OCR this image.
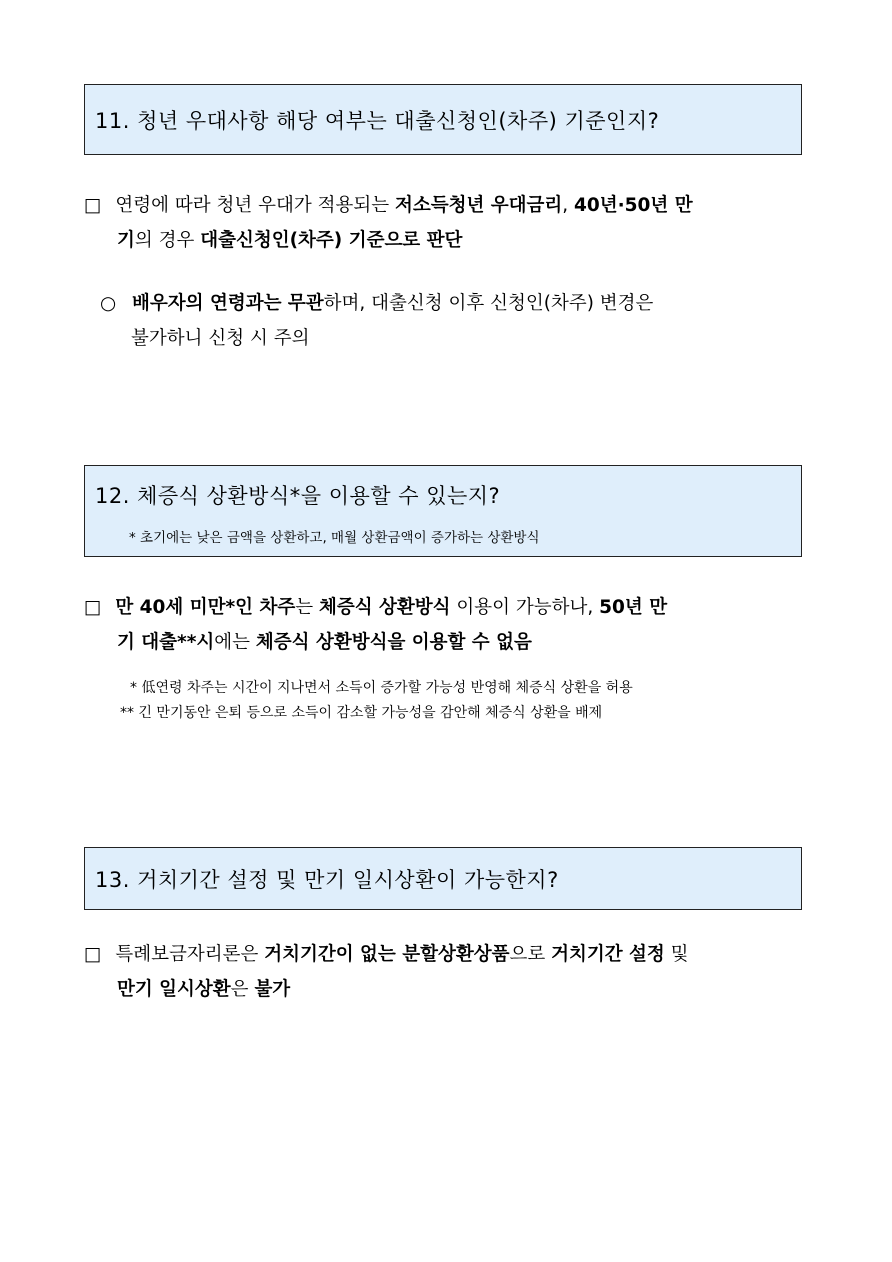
11. 청년 우대사항 해당 여부는 대출신청인(차주) 기준인지?
□ 연령에 따라 청년 우대가 적용되는 저소득청년 우대금리, 40년·50년 만
기의 경우 대출신청인(차주) 기준으로 판단
○ 배우자의 연령과는 무관하며, 대출신청 이후 신청인(차주) 변경은
불가하니 신청 시 주의
12. 체증식 상환방식*을 이용할 수 있는지?
* 초기에는 낮은 금액을 상환하고, 매월 상환금액이 증가하는 상환방식
□ 만 40세 미만*인 차주는 체증식 상환방식 이용이 가능하나, 50년 만
기 대출**시에는 체증식 상환방식을 이용할 수 없음
* 低연령 차주는 시간이 지나면서 소득이 증가할 가능성 반영해 체증식 상환을 허용
** 긴 만기동안 은퇴 등으로 소득이 감소할 가능성을 감안해 체증식 상환을 배제
13. 거치기간 설정 및 만기 일시상환이 가능한지?
□ 특례보금자리론은 거치기간이 없는 분할상환상품으로 거치기간 설정 및
만기 일시상환은 불가
